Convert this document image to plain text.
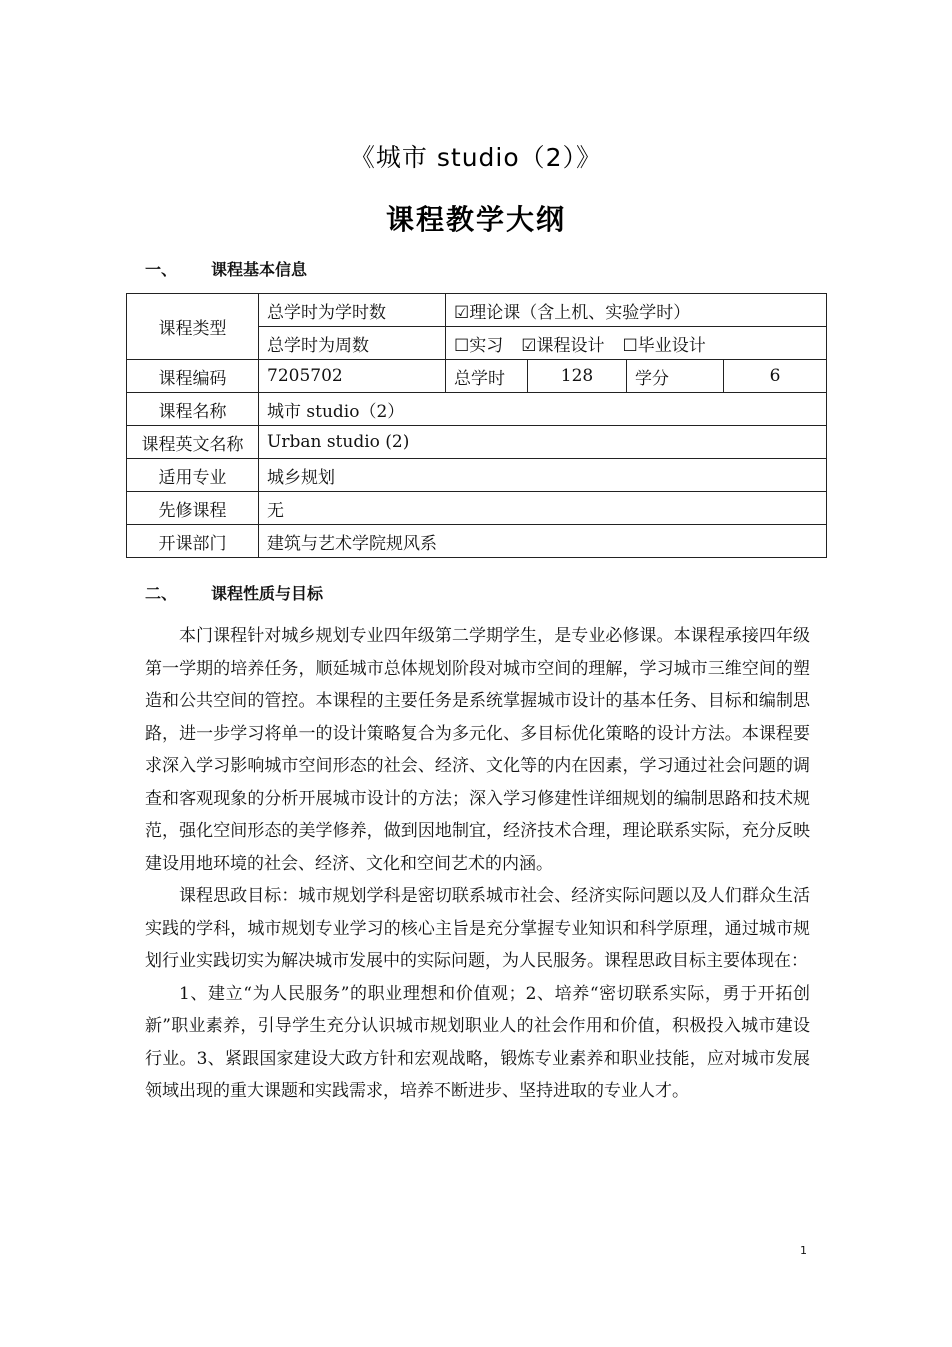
《城市 studio（2）》
课程教学大纲
一、 课程基本信息
课程类型	总学时为学时数	☑理论课（含上机、实验学时）			
	总学时为周数	☐实习 ☑课程设计 ☐毕业设计			
课程编码	7205702	总学时	128	学分	6
课程名称	城市 studio（2）				
课程英文名称	Urban studio (2)				
适用专业	城乡规划				
先修课程	无				
开课部门	建筑与艺术学院规风系				
二、 课程性质与目标

本门课程针对城乡规划专业四年级第二学期学生，是专业必修课。本课程承接四年级第一学期的培养任务，顺延城市总体规划阶段对城市空间的理解，学习城市三维空间的塑造和公共空间的管控。本课程的主要任务是系统掌握城市设计的基本任务、目标和编制思路，进一步学习将单一的设计策略复合为多元化、多目标优化策略的设计方法。本课程要求深入学习影响城市空间形态的社会、经济、文化等的内在因素，学习通过社会问题的调查和客观现象的分析开展城市设计的方法；深入学习修建性详细规划的编制思路和技术规范，强化空间形态的美学修养，做到因地制宜，经济技术合理，理论联系实际，充分反映建设用地环境的社会、经济、文化和空间艺术的内涵。

课程思政目标：城市规划学科是密切联系城市社会、经济实际问题以及人们群众生活实践的学科，城市规划专业学习的核心主旨是充分掌握专业知识和科学原理，通过城市规划行业实践切实为解决城市发展中的实际问题，为人民服务。课程思政目标主要体现在：

1、建立“为人民服务”的职业理想和价值观；2、培养“密切联系实际，勇于开拓创新”职业素养，引导学生充分认识城市规划职业人的社会作用和价值，积极投入城市建设行业。3、紧跟国家建设大政方针和宏观战略，锻炼专业素养和职业技能，应对城市发展领域出现的重大课题和实践需求，培养不断进步、坚持进取的专业人才。

1
